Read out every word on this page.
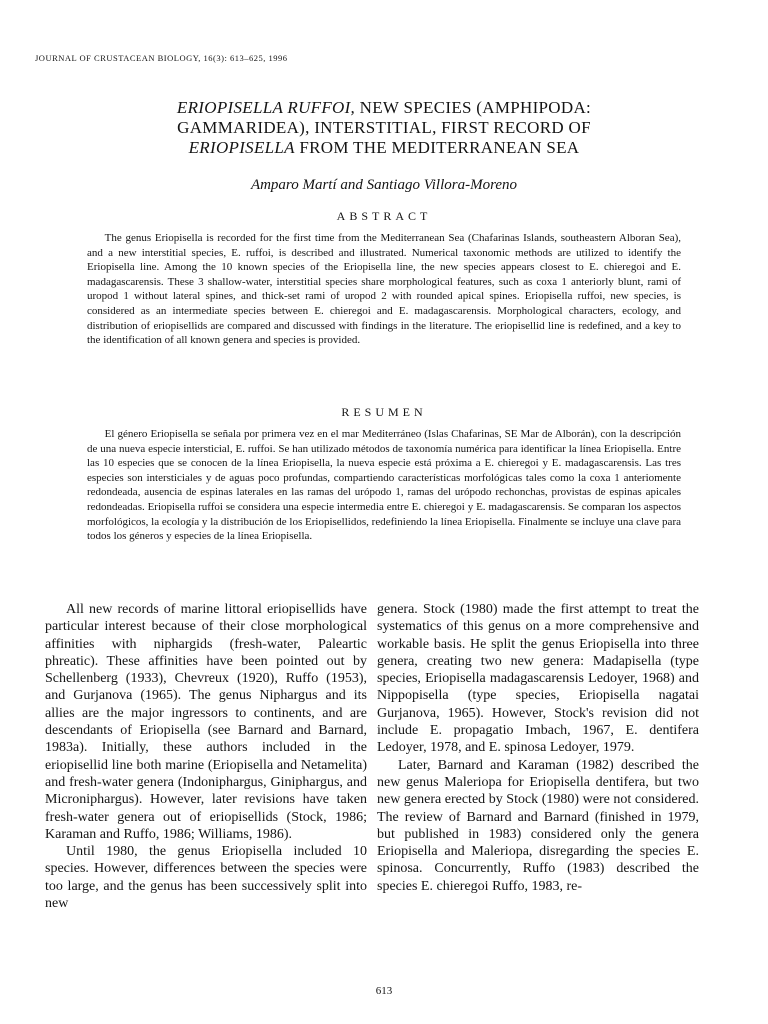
JOURNAL OF CRUSTACEAN BIOLOGY, 16(3): 613–625, 1996
ERIOPISELLA RUFFOI, NEW SPECIES (AMPHIPODA:
GAMMARIDEA), INTERSTITIAL, FIRST RECORD OF
ERIOPISELLA FROM THE MEDITERRANEAN SEA
Amparo Martí and Santiago Villora-Moreno
ABSTRACT

The genus Eriopisella is recorded for the first time from the Mediterranean Sea (Chafarinas Islands, southeastern Alboran Sea), and a new interstitial species, E. ruffoi, is described and illustrated. Numerical taxonomic methods are utilized to identify the Eriopisella line. Among the 10 known species of the Eriopisella line, the new species appears closest to E. chieregoi and E. madagascarensis. These 3 shallow-water, interstitial species share morphological features, such as coxa 1 anteriorly blunt, rami of uropod 1 without lateral spines, and thick-set rami of uropod 2 with rounded apical spines. Eriopisella ruffoi, new species, is considered as an intermediate species between E. chieregoi and E. madagascarensis. Morphological characters, ecology, and distribution of eriopisellids are compared and discussed with findings in the literature. The eriopisellid line is redefined, and a key to the identification of all known genera and species is provided.

RESUMEN

El género Eriopisella se señala por primera vez en el mar Mediterráneo (Islas Chafarinas, SE Mar de Alborán), con la descripción de una nueva especie intersticial, E. ruffoi. Se han utilizado métodos de taxonomía numérica para identificar la línea Eriopisella. Entre las 10 especies que se conocen de la línea Eriopisella, la nueva especie está próxima a E. chieregoi y E. madagascarensis. Las tres especies son intersticiales y de aguas poco profundas, compartiendo características morfológicas tales como la coxa 1 anteriomente redondeada, ausencia de espinas laterales en las ramas del urópodo 1, ramas del urópodo rechonchas, provistas de espinas apicales redondeadas. Eriopisella ruffoi se considera una especie intermedia entre E. chieregoi y E. madagascarensis. Se comparan los aspectos morfológicos, la ecología y la distribución de los Eriopisellidos, redefiniendo la línea Eriopisella. Finalmente se incluye una clave para todos los géneros y especies de la línea Eriopisella.

All new records of marine littoral eriopisellids have particular interest because of their close morphological affinities with niphargids (fresh-water, Paleartic phreatic). These affinities have been pointed out by Schellenberg (1933), Chevreux (1920), Ruffo (1953), and Gurjanova (1965). The genus Niphargus and its allies are the major ingressors to continents, and are descendants of Eriopisella (see Barnard and Barnard, 1983a). Initially, these authors included in the eriopisellid line both marine (Eriopisella and Netamelita) and fresh-water genera (Indoniphargus, Giniphargus, and Microniphargus). However, later revisions have taken fresh-water genera out of eriopisellids (Stock, 1986; Karaman and Ruffo, 1986; Williams, 1986).

Until 1980, the genus Eriopisella included 10 species. However, differences between the species were too large, and the genus has been successively split into new

genera. Stock (1980) made the first attempt to treat the systematics of this genus on a more comprehensive and workable basis. He split the genus Eriopisella into three genera, creating two new genera: Madapisella (type species, Eriopisella madagascarensis Ledoyer, 1968) and Nippopisella (type species, Eriopisella nagatai Gurjanova, 1965). However, Stock's revision did not include E. propagatio Imbach, 1967, E. dentifera Ledoyer, 1978, and E. spinosa Ledoyer, 1979.

Later, Barnard and Karaman (1982) described the new genus Maleriopa for Eriopisella dentifera, but two new genera erected by Stock (1980) were not considered. The review of Barnard and Barnard (finished in 1979, but published in 1983) considered only the genera Eriopisella and Maleriopa, disregarding the species E. spinosa. Concurrently, Ruffo (1983) described the species E. chieregoi Ruffo, 1983, re-

613
